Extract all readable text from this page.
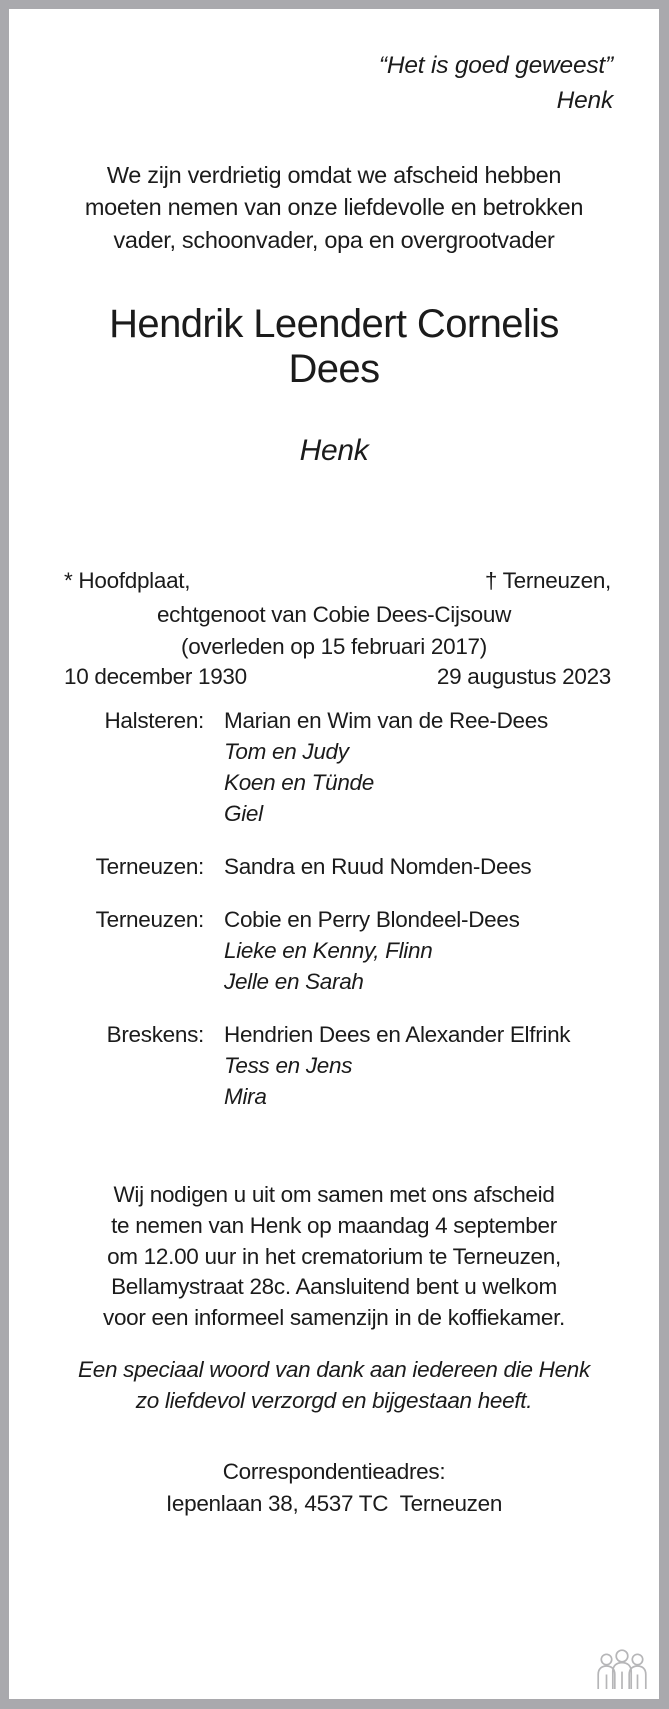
“Het is goed geweest”
Henk
We zijn verdrietig omdat we afscheid hebben
moeten nemen van onze liefdevolle en betrokken
vader, schoonvader, opa en overgrootvader
Hendrik Leendert Cornelis
Dees
Henk

* Hoofdplaat,

10 december 1930

† Terneuzen,

29 augustus 2023

echtgenoot van Cobie Dees-Cijsouw
(overleden op 15 februari 2017)
Halsteren: Marian en Wim van de Ree-Dees
Tom en Judy
Koen en Tünde
Giel
Terneuzen: Sandra en Ruud Nomden-Dees
Terneuzen: Cobie en Perry Blondeel-Dees
Lieke en Kenny, Flinn
Jelle en Sarah
Breskens: Hendrien Dees en Alexander Elfrink
Tess en Jens
Mira
Wij nodigen u uit om samen met ons afscheid
te nemen van Henk op maandag 4 september
om 12.00 uur in het crematorium te Terneuzen,
Bellamystraat 28c. Aansluitend bent u welkom
voor een informeel samenzijn in de koffiekamer.
Een speciaal woord van dank aan iedereen die Henk
zo liefdevol verzorgd en bijgestaan heeft.
Correspondentieadres:
Iepenlaan 38, 4537 TC  Terneuzen
